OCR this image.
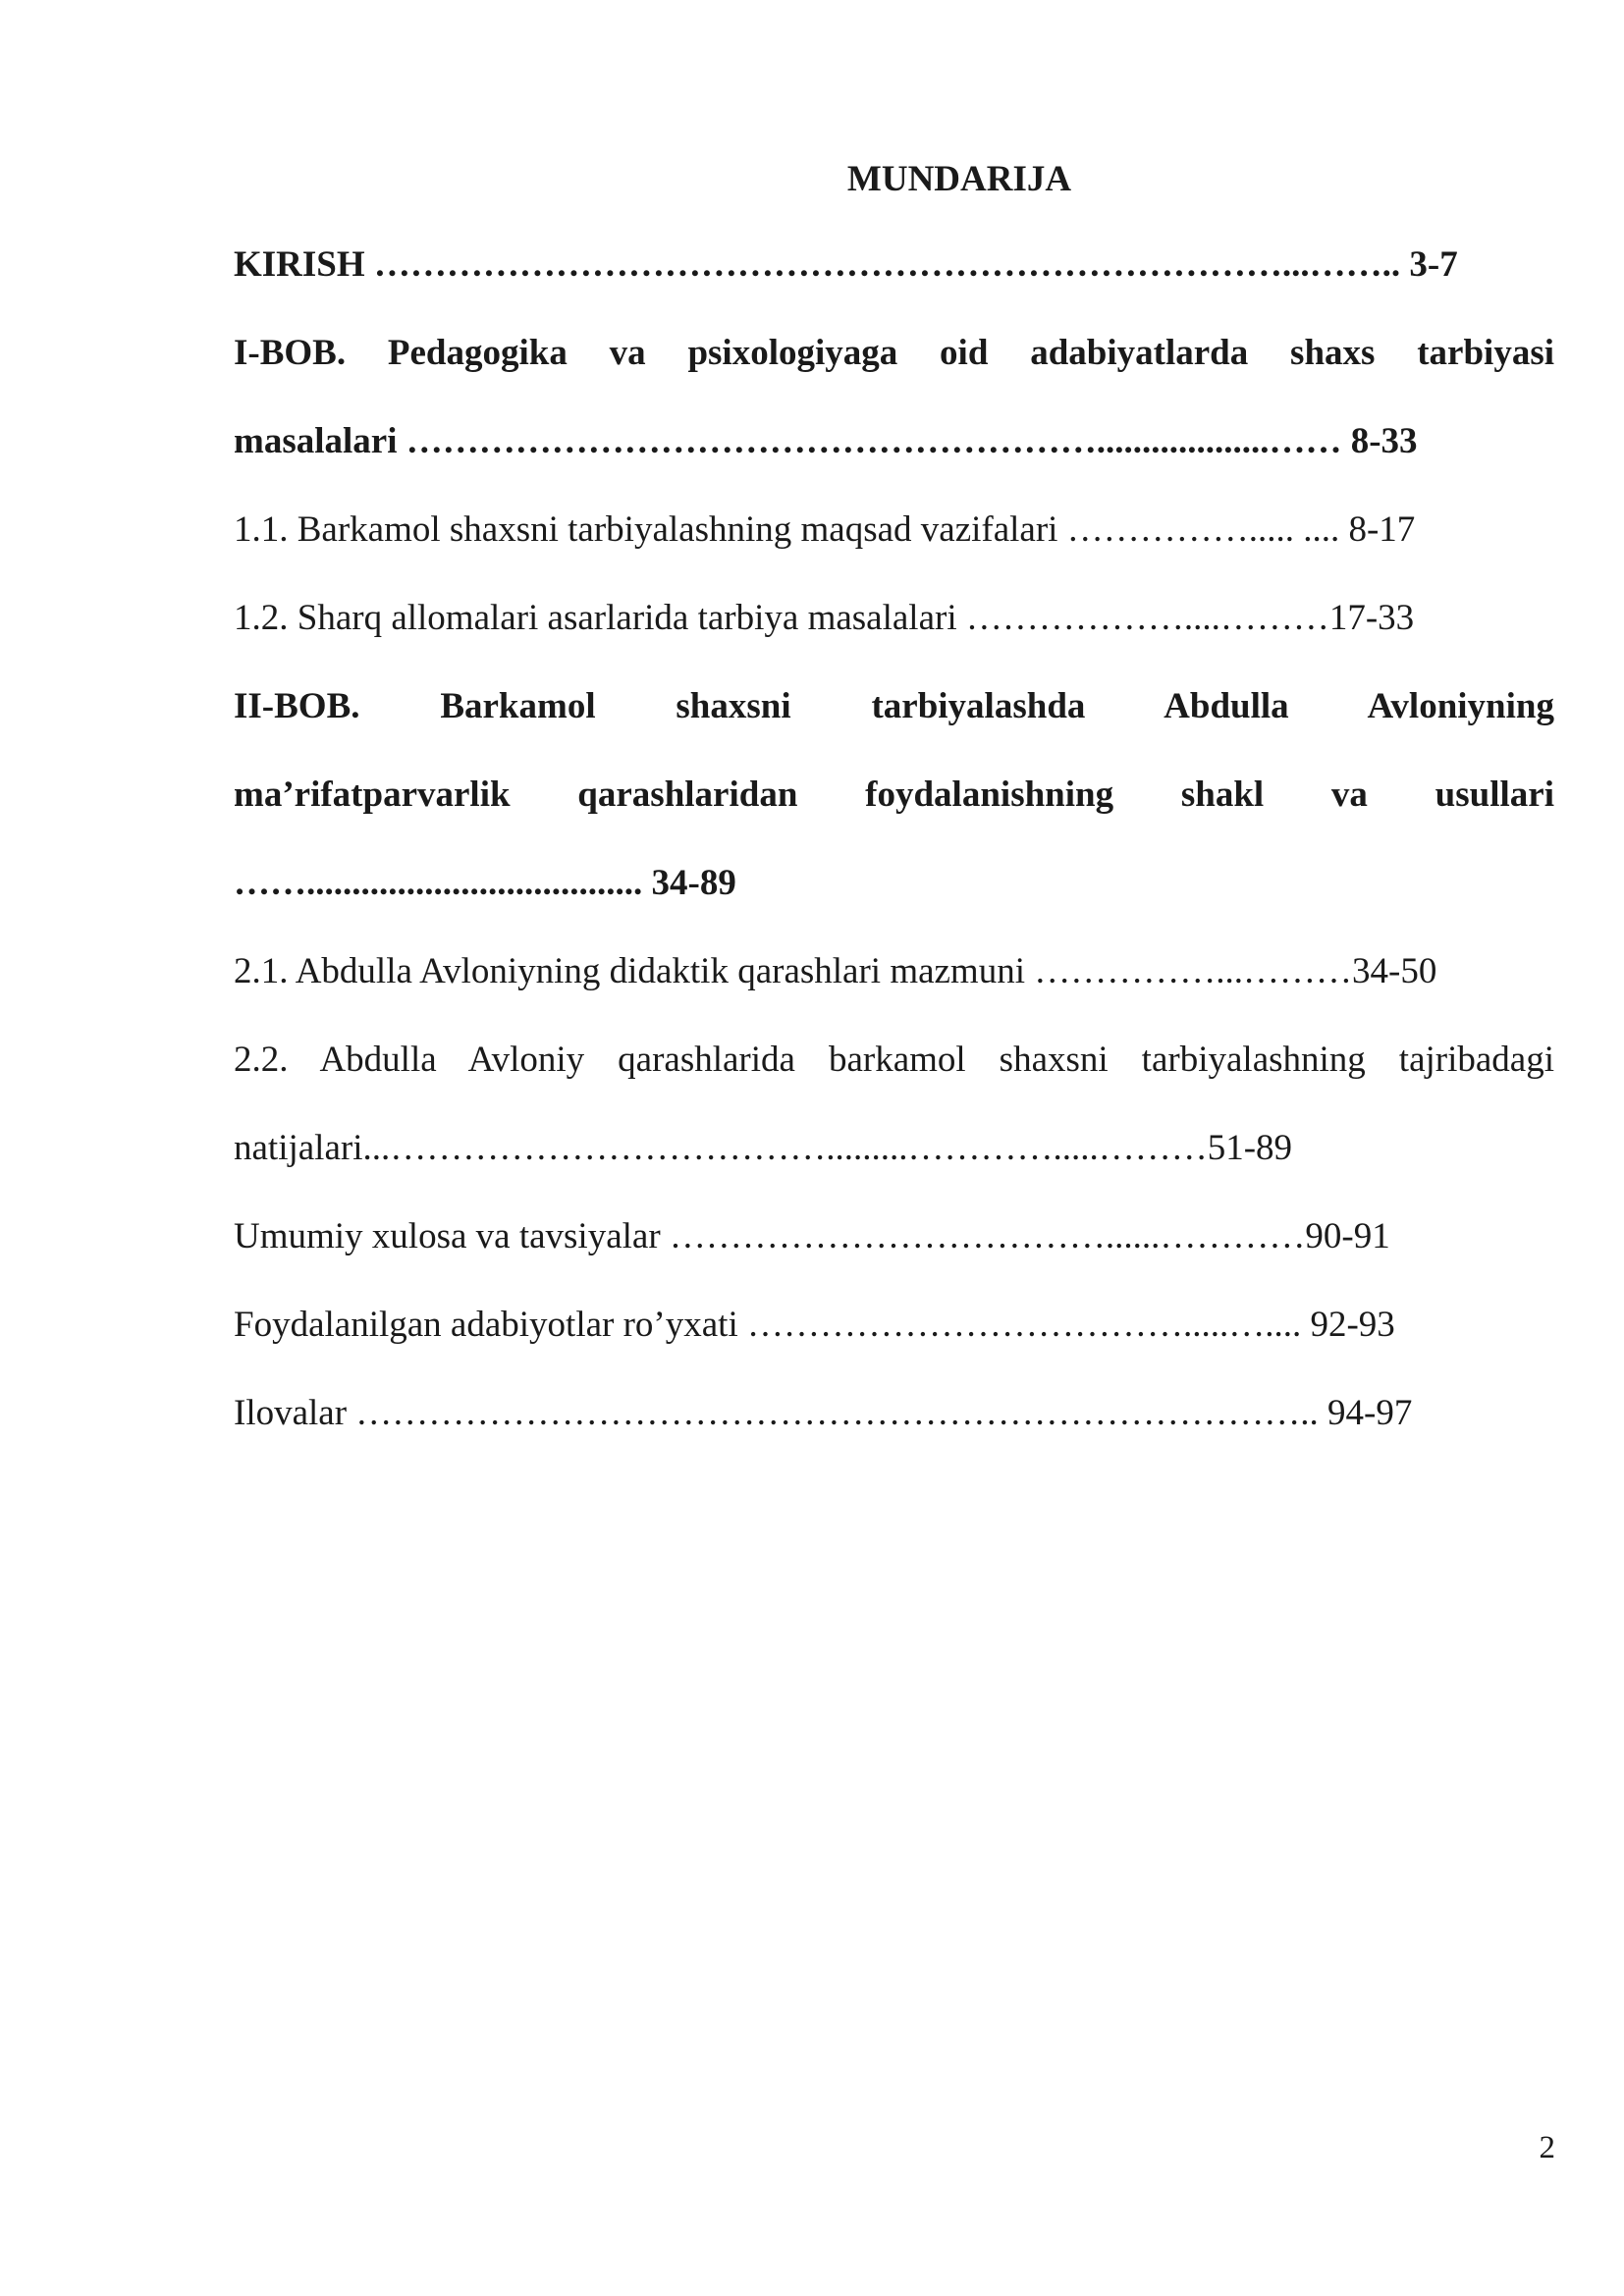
MUNDARIJA

KIRISH …………………………………………………………………...…….. 3-7

I-BOB. Pedagogika va psixologiyaga oid adabiyatlarda shaxs tarbiyasi

masalalari …………………………………………………...................…… 8-33

1.1. Barkamol shaxsni tarbiyalashning maqsad vazifalari ……………..... .... 8-17

1.2. Sharq allomalari asarlarida tarbiya masalalari ………………....………17-33

II-BOB. Barkamol shaxsni tarbiyalashda Abdulla Avloniyning

ma’rifatparvarlik qarashlaridan foydalanishning shakl va usullari

……..................................... 34-89

2.1. Abdulla Avloniyning didaktik qarashlari mazmuni ……………...………34-50

2.2. Abdulla Avloniy qarashlarida barkamol shaxsni tarbiyalashning tajribadagi

natijalari...……………………………….........………….....………51-89

Umumiy xulosa va tavsiyalar ………………………………......…………90-91

Foydalanilgan adabiyotlar ro’yxati ……………………………….....….... 92-93

Ilovalar …………………………………………………………………….. 94-97

2
